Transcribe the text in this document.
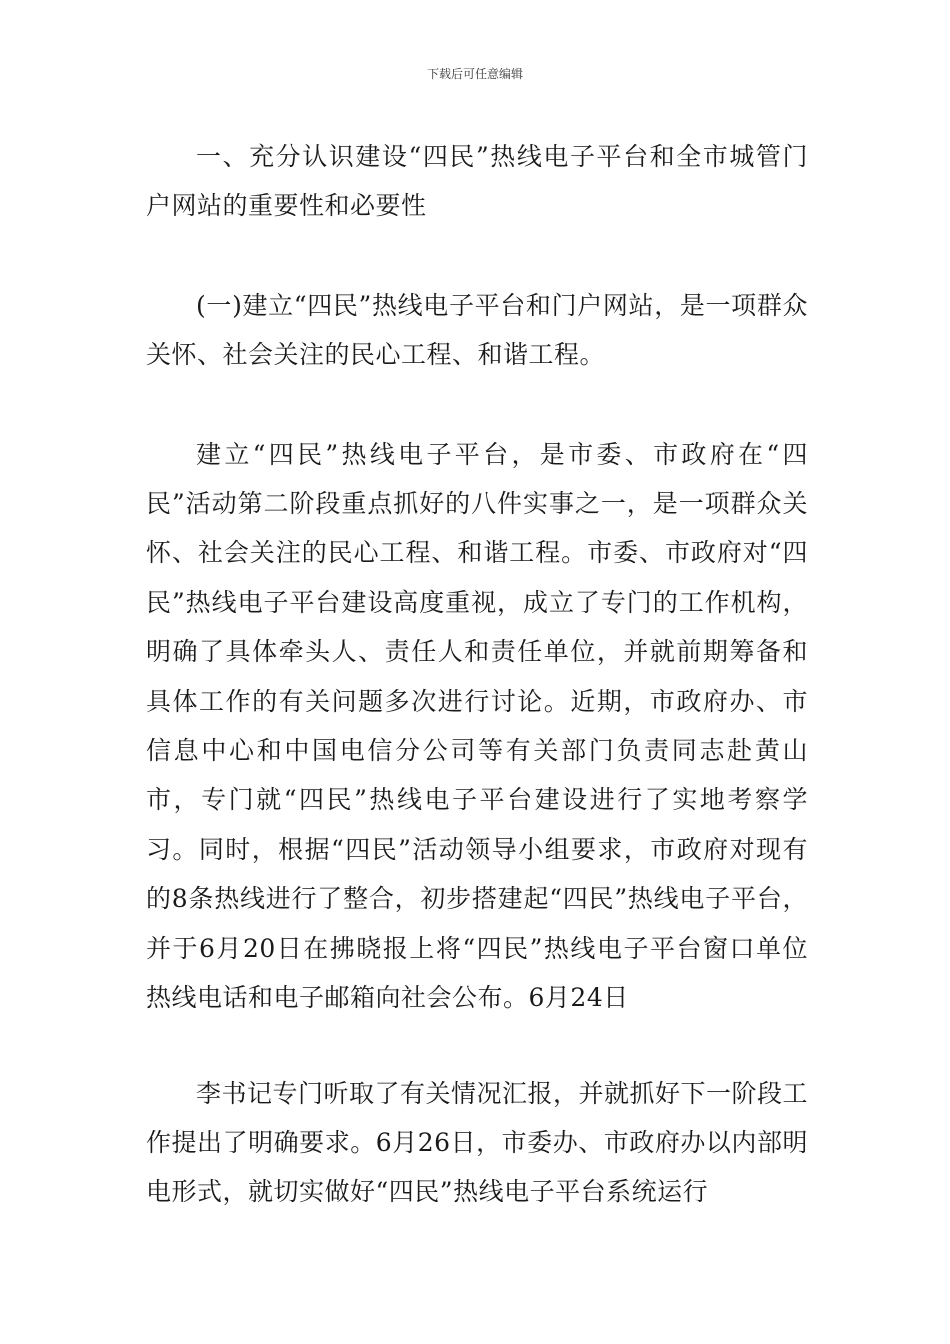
下载后可任意编辑

一、充分认识建设“四民”热线电子平台和全市城管门户网站的重要性和必要性

(一)建立“四民”热线电子平台和门户网站，是一项群众关怀、社会关注的民心工程、和谐工程。

建立“四民”热线电子平台，是市委、市政府在“四民”活动第二阶段重点抓好的八件实事之一，是一项群众关怀、社会关注的民心工程、和谐工程。市委、市政府对“四民”热线电子平台建设高度重视，成立了专门的工作机构，明确了具体牵头人、责任人和责任单位，并就前期筹备和具体工作的有关问题多次进行讨论。近期，市政府办、市信息中心和中国电信分公司等有关部门负责同志赴黄山市，专门就“四民”热线电子平台建设进行了实地考察学习。同时，根据“四民”活动领导小组要求，市政府对现有的8条热线进行了整合，初步搭建起“四民”热线电子平台，并于6月20日在拂晓报上将“四民”热线电子平台窗口单位热线电话和电子邮箱向社会公布。6月24日

李书记专门听取了有关情况汇报，并就抓好下一阶段工作提出了明确要求。6月26日，市委办、市政府办以内部明电形式，就切实做好“四民”热线电子平台系统运行
